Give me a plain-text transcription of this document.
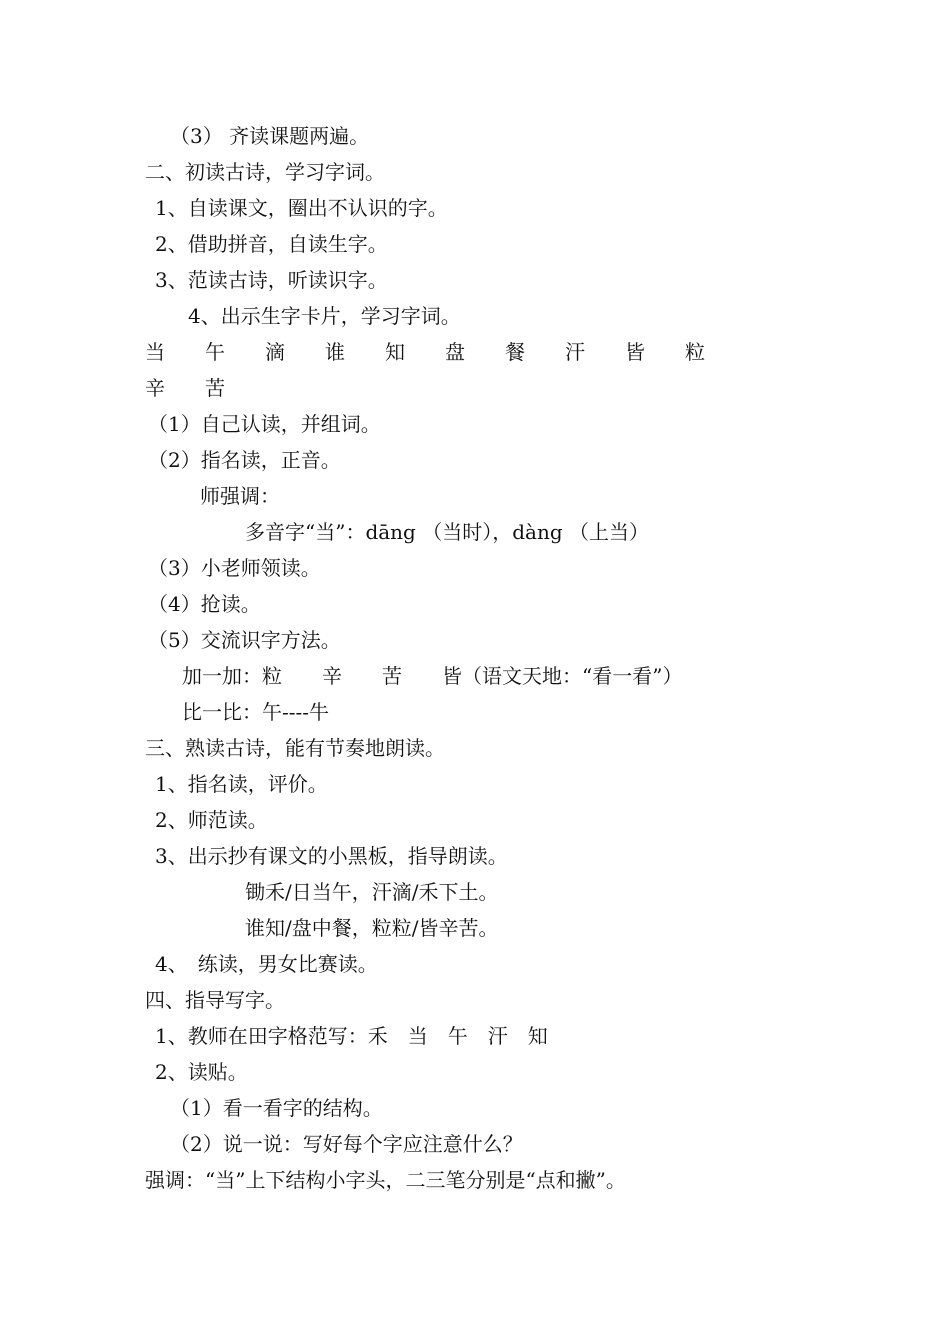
（3） 齐读课题两遍。
二、初读古诗，学习字词。
1、自读课文，圈出不认识的字。
2、借助拼音，自读生字。
3、范读古诗，听读识字。
4、出示生字卡片，学习字词。
当　　午　　滴　　谁　　知　　盘　　餐　　汗　　皆　　粒
辛　　苦
（1）自己认读，并组词。
（2）指名读，正音。
师强调：
多音字“当”：dāng （当时），dàng （上当）
（3）小老师领读。
（4）抢读。
（5）交流识字方法。
加一加：粒　　辛　　苦　　皆（语文天地：“看一看”）
比一比：午----牛
三、熟读古诗，能有节奏地朗读。
1、指名读，评价。
2、师范读。
3、出示抄有课文的小黑板，指导朗读。
锄禾/日当午，汗滴/禾下土。
谁知/盘中餐，粒粒/皆辛苦。
4、　练读，男女比赛读。
四、指导写字。
1、教师在田字格范写：禾　当　午　汗　知
2、读贴。
（1）看一看字的结构。
（2）说一说：写好每个字应注意什么？
强调：“当”上下结构小字头，二三笔分别是“点和撇”。
